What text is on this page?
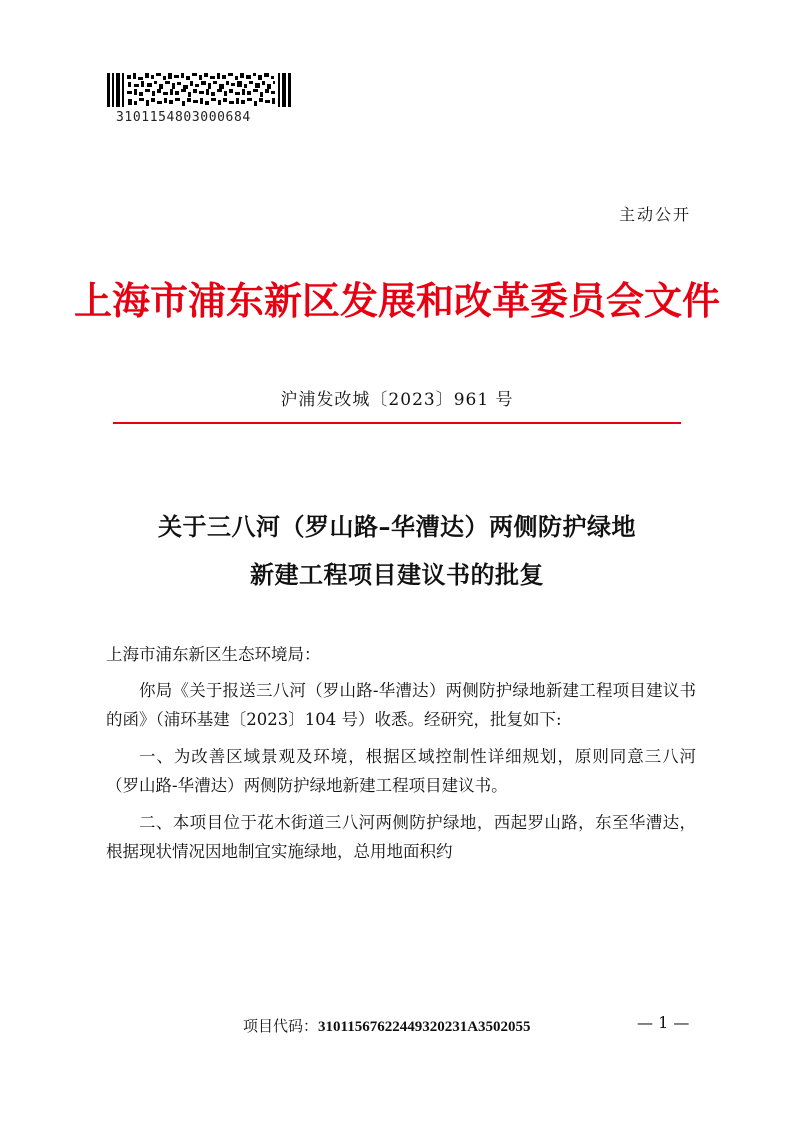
3101154803000684
主动公开
上海市浦东新区发展和改革委员会文件
沪浦发改城〔2023〕961 号
关于三八河（罗山路–华漕达）两侧防护绿地
新建工程项目建议书的批复

上海市浦东新区生态环境局：

你局《关于报送三八河（罗山路-华漕达）两侧防护绿地新建工程项目建议书的函》（浦环基建〔2023〕104 号）收悉。经研究，批复如下:

一、为改善区域景观及环境，根据区域控制性详细规划，原则同意三八河（罗山路-华漕达）两侧防护绿地新建工程项目建议书。

二、本项目位于花木街道三八河两侧防护绿地，西起罗山路，东至华漕达，根据现状情况因地制宜实施绿地，总用地面积约

项目代码：31011567622449320231A3502055	— 1 —
